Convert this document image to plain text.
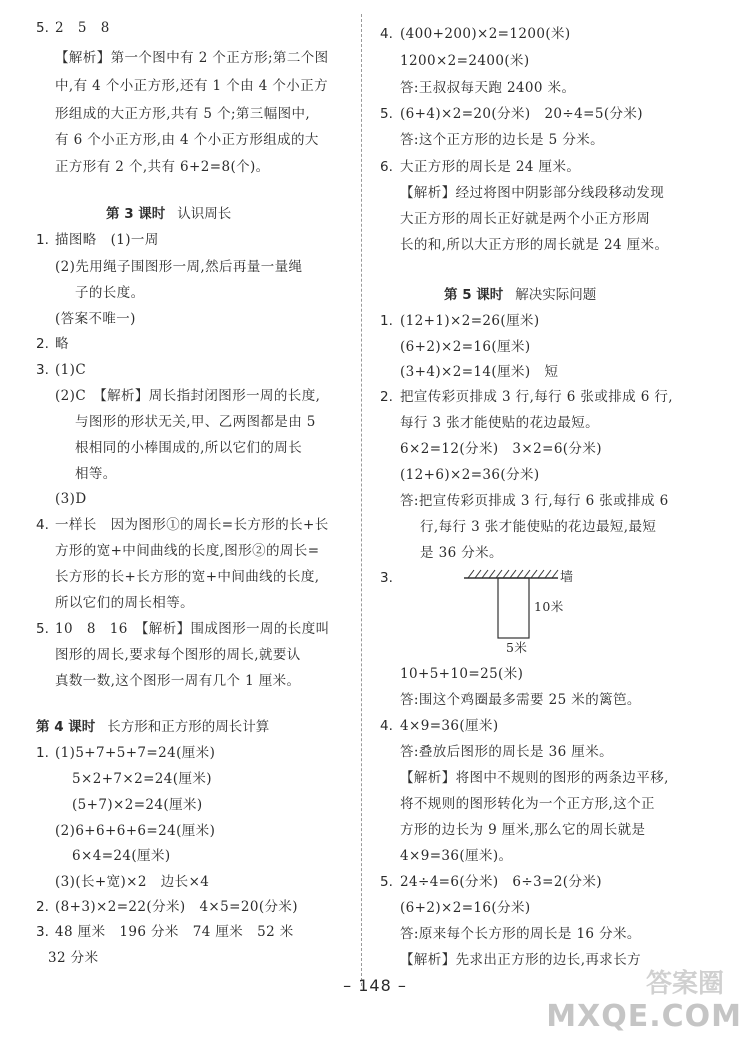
5. 2　5　8
【解析】第一个图中有 2 个正方形;第二个图
中,有 4 个小正方形,还有 1 个由 4 个小正方
形组成的大正方形,共有 5 个;第三幅图中,
有 6 个小正方形,由 4 个小正方形组成的大
正方形有 2 个,共有 6+2=8(个)。
第 3 课时 认识周长
1. 描图略　(1)一周
(2)先用绳子围图形一周,然后再量一量绳
子的长度。
(答案不唯一)
2. 略
3. (1)C
(2)C　【解析】周长指封闭图形一周的长度,
与图形的形状无关,甲、乙两图都是由 5
根相同的小棒围成的,所以它们的周长
相等。
(3)D
4. 一样长　因为图形①的周长=长方形的长+长
方形的宽+中间曲线的长度,图形②的周长=
长方形的长+长方形的宽+中间曲线的长度,
所以它们的周长相等。
5. 10　8　16　【解析】围成图形一周的长度叫
图形的周长,要求每个图形的周长,就要认
真数一数,这个图形一周有几个 1 厘米。
第 4 课时 长方形和正方形的周长计算
1. (1)5+7+5+7=24(厘米)
5×2+7×2=24(厘米)
(5+7)×2=24(厘米)
(2)6+6+6+6=24(厘米)
6×4=24(厘米)
(3)(长+宽)×2　边长×4
2. (8+3)×2=22(分米)　4×5=20(分米)
3. 48 厘米　196 分米　74 厘米　52 米
32 分米
4. (400+200)×2=1200(米)
1200×2=2400(米)
答:王叔叔每天跑 2400 米。
5. (6+4)×2=20(分米)　20÷4=5(分米)
答:这个正方形的边长是 5 分米。
6. 大正方形的周长是 24 厘米。
【解析】经过将图中阴影部分线段移动发现
大正方形的周长正好就是两个小正方形周
长的和,所以大正方形的周长就是 24 厘米。
第 5 课时 解决实际问题
1. (12+1)×2=26(厘米)
(6+2)×2=16(厘米)
(3+4)×2=14(厘米)　短
2. 把宣传彩页排成 3 行,每行 6 张或排成 6 行,
每行 3 张才能使贴的花边最短。
6×2=12(分米)　3×2=6(分米)
(12+6)×2=36(分米)
答:把宣传彩页排成 3 行,每行 6 张或排成 6
行,每行 3 张才能使贴的花边最短,最短
是 36 分米。
3.	墙
10米
5米
10+5+10=25(米)
答:围这个鸡圈最多需要 25 米的篱笆。
4. 4×9=36(厘米)
答:叠放后图形的周长是 36 厘米。
【解析】将图中不规则的图形的两条边平移,
将不规则的图形转化为一个正方形,这个正
方形的边长为 9 厘米,那么它的周长就是
4×9=36(厘米)。
5. 24÷4=6(分米)　6÷3=2(分米)
(6+2)×2=16(分米)
答:原来每个长方形的周长是 16 分米。
【解析】先求出正方形的边长,再求长方
– 148 –	答案圈
MXQE.COM
